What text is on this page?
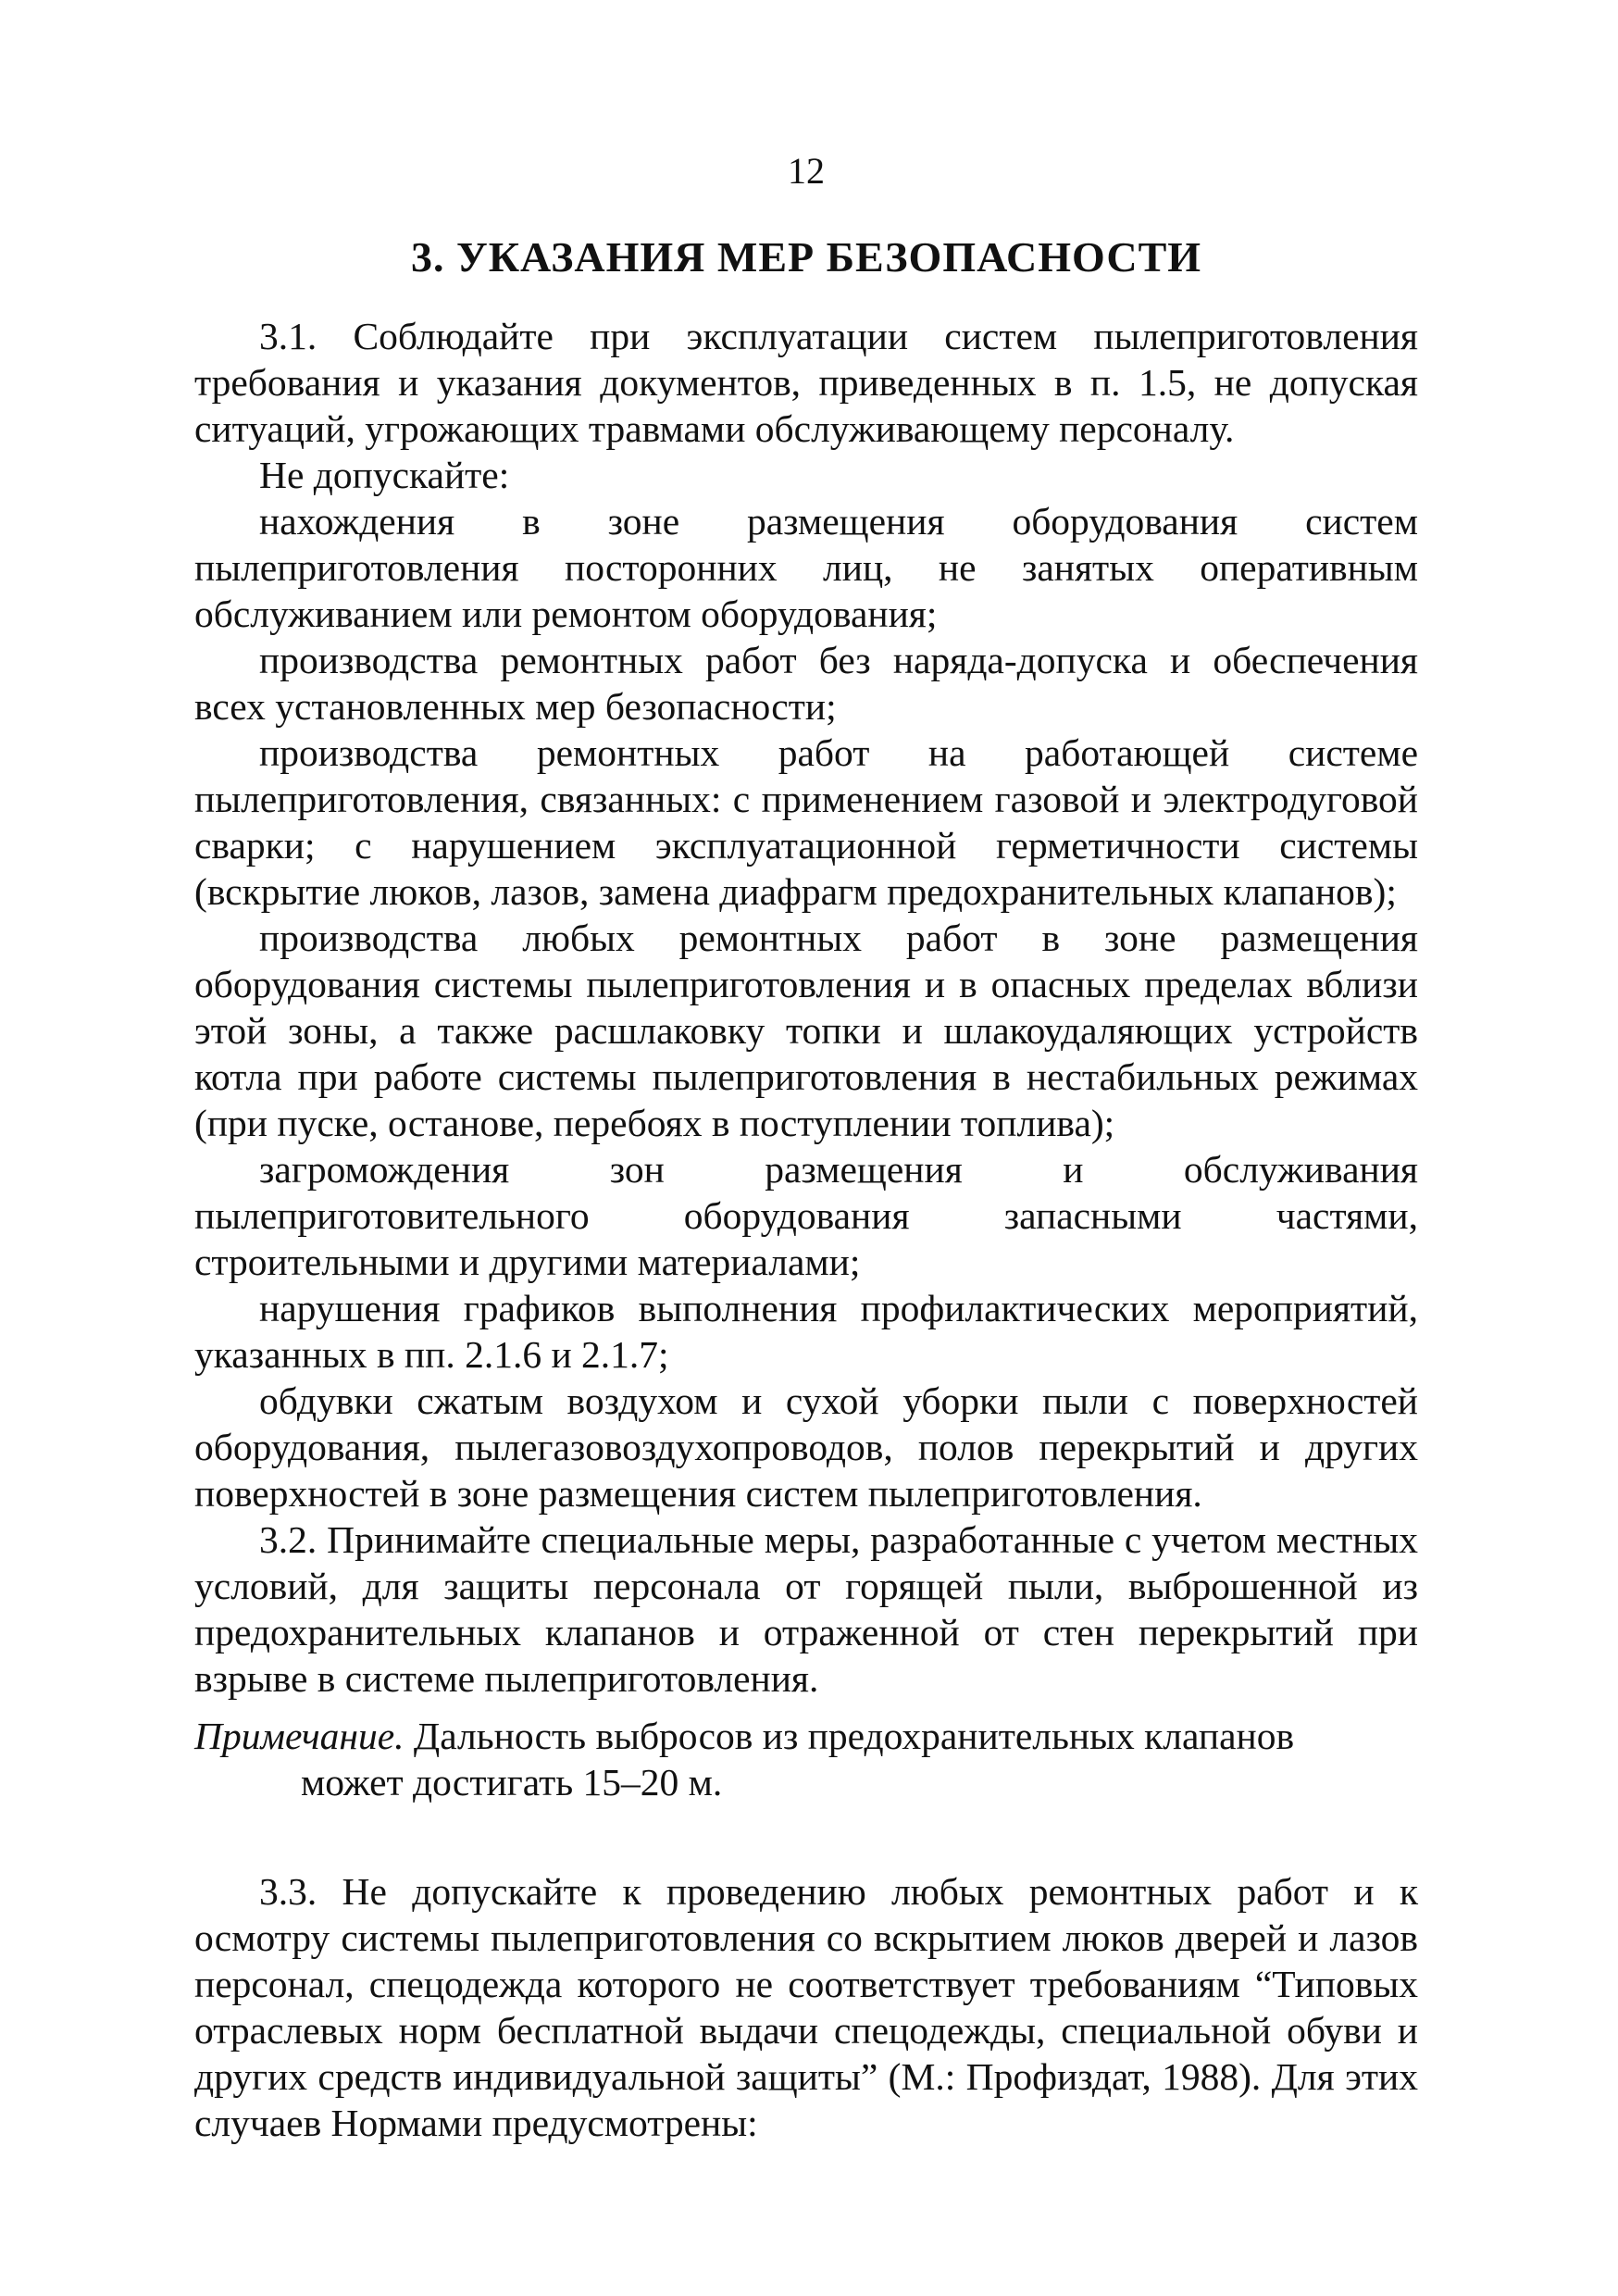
12
3. УКАЗАНИЯ МЕР БЕЗОПАСНОСТИ

3.1. Соблюдайте при эксплуатации систем пылеприготовления требования и указания документов, приведенных в п. 1.5, не допуская ситуаций, угрожающих травмами обслуживающему персоналу.

Не допускайте:

нахождения в зоне размещения оборудования систем пылеприготовления посторонних лиц, не занятых оперативным обслуживанием или ремонтом оборудования;

производства ремонтных работ без наряда-допуска и обеспечения всех установленных мер безопасности;

производства ремонтных работ на работающей системе пылеприготовления, связанных: с применением газовой и электродуговой сварки; с нарушением эксплуатационной герметичности системы (вскрытие люков, лазов, замена диафрагм предохранительных клапанов);

производства любых ремонтных работ в зоне размещения оборудования системы пылеприготовления и в опасных пределах вблизи этой зоны, а также расшлаковку топки и шлакоудаляющих устройств котла при работе системы пылеприготовления в нестабильных режимах (при пуске, останове, перебоях в поступлении топлива);

загромождения зон размещения и обслуживания пылеприготовительного оборудования запасными частями, строительными и другими материалами;

нарушения графиков выполнения профилактических мероприятий, указанных в пп. 2.1.6 и 2.1.7;

обдувки сжатым воздухом и сухой уборки пыли с поверхностей оборудования, пылегазовоздухопроводов, полов перекрытий и других поверхностей в зоне размещения систем пылеприготовления.

3.2. Принимайте специальные меры, разработанные с учетом местных условий, для защиты персонала от горящей пыли, выброшенной из предохранительных клапанов и отраженной от стен перекрытий при взрыве в системе пылеприготовления.

Примечание. Дальность выбросов из предохранительных клапанов
может достигать 15–20 м.

3.3. Не допускайте к проведению любых ремонтных работ и к осмотру системы пылеприготовления со вскрытием люков дверей и лазов персонал, спецодежда которого не соответствует требованиям “Типовых отраслевых норм бесплатной выдачи спецодежды, специальной обуви и других средств индивидуальной защиты” (М.: Профиздат, 1988). Для этих случаев Нормами предусмотрены:
